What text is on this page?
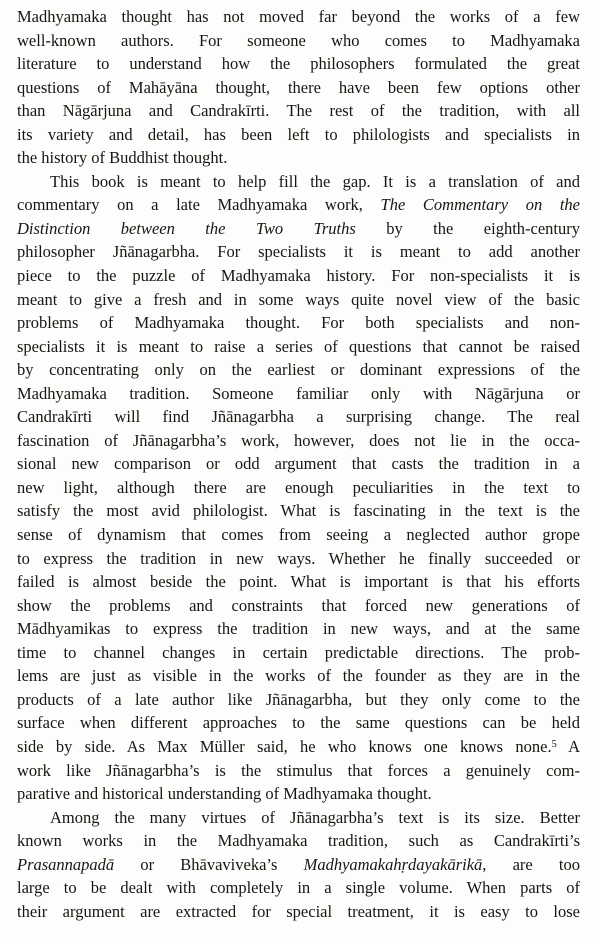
Madhyamaka thought has not moved far beyond the works of a few
well-known authors. For someone who comes to Madhyamaka
literature to understand how the philosophers formulated the great
questions of Mahāyāna thought, there have been few options other
than Nāgārjuna and Candrakīrti. The rest of the tradition, with all
its variety and detail, has been left to philologists and specialists in
the history of Buddhist thought.
This book is meant to help fill the gap. It is a translation of and
commentary on a late Madhyamaka work, The Commentary on the
Distinction between the Two Truths by the eighth-century
philosopher Jñānagarbha. For specialists it is meant to add another
piece to the puzzle of Madhyamaka history. For non-specialists it is
meant to give a fresh and in some ways quite novel view of the basic
problems of Madhyamaka thought. For both specialists and non-
specialists it is meant to raise a series of questions that cannot be raised
by concentrating only on the earliest or dominant expressions of the
Madhyamaka tradition. Someone familiar only with Nāgārjuna or
Candrakīrti will find Jñānagarbha a surprising change. The real
fascination of Jñānagarbha’s work, however, does not lie in the occa-
sional new comparison or odd argument that casts the tradition in a
new light, although there are enough peculiarities in the text to
satisfy the most avid philologist. What is fascinating in the text is the
sense of dynamism that comes from seeing a neglected author grope
to express the tradition in new ways. Whether he finally succeeded or
failed is almost beside the point. What is important is that his efforts
show the problems and constraints that forced new generations of
Mādhyamikas to express the tradition in new ways, and at the same
time to channel changes in certain predictable directions. The prob-
lems are just as visible in the works of the founder as they are in the
products of a late author like Jñānagarbha, but they only come to the
surface when different approaches to the same questions can be held
side by side. As Max Müller said, he who knows one knows none.$^5$ A
work like Jñānagarbha’s is the stimulus that forces a genuinely com-
parative and historical understanding of Madhyamaka thought.
Among the many virtues of Jñānagarbha’s text is its size. Better
known works in the Madhyamaka tradition, such as Candrakīrti’s
Prasannapadā or Bhāvaviveka’s Madhyamakahṛdayakārikā, are too
large to be dealt with completely in a single volume. When parts of
their argument are extracted for special treatment, it is easy to lose
